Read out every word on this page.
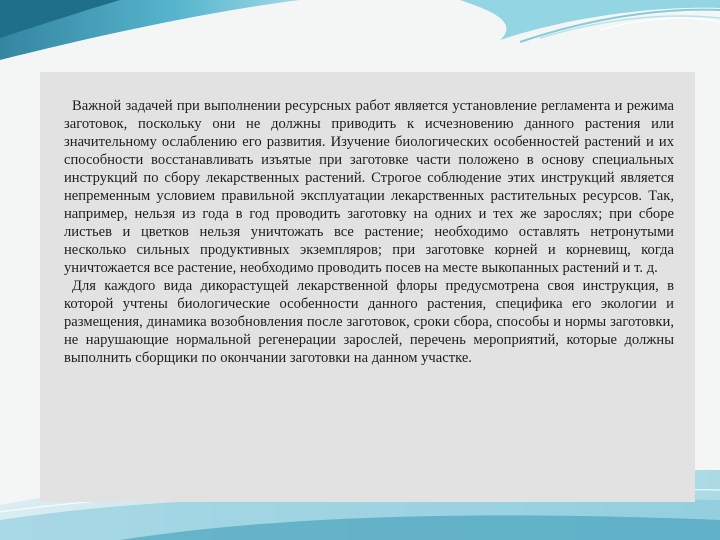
Важной задачей при выполнении ресурсных работ является установление регламента и режима заготовок, поскольку они не должны приводить к исчезновению данного растения или значительному ослаблению его развития. Изучение биологических особенностей растений и их способности восстанавливать изъятые при заготовке части положено в основу специальных инструкций по сбору лекарственных растений. Строгое соблюдение этих инструкций является непременным условием правильной эксплуатации лекарственных растительных ресурсов. Так, например, нельзя из года в год проводить заготовку на одних и тех же зарослях; при сборе листьев и цветков нельзя уничтожать все растение; необходимо оставлять нетронутыми несколько сильных продуктивных экземпляров; при заготовке корней и корневищ, когда уничтожается все растение, необходимо проводить посев на месте выкопанных растений и т. д.

Для каждого вида дикорастущей лекарственной флоры предусмотрена своя инструкция, в которой учтены биологические особенности данного растения, специфика его экологии и размещения, динамика возобновления после заготовок, сроки сбора, способы и нормы заготовки, не нарушающие нормальной регенерации зарослей, перечень мероприятий, которые должны выполнить сборщики по окончании заготовки на данном участке.
